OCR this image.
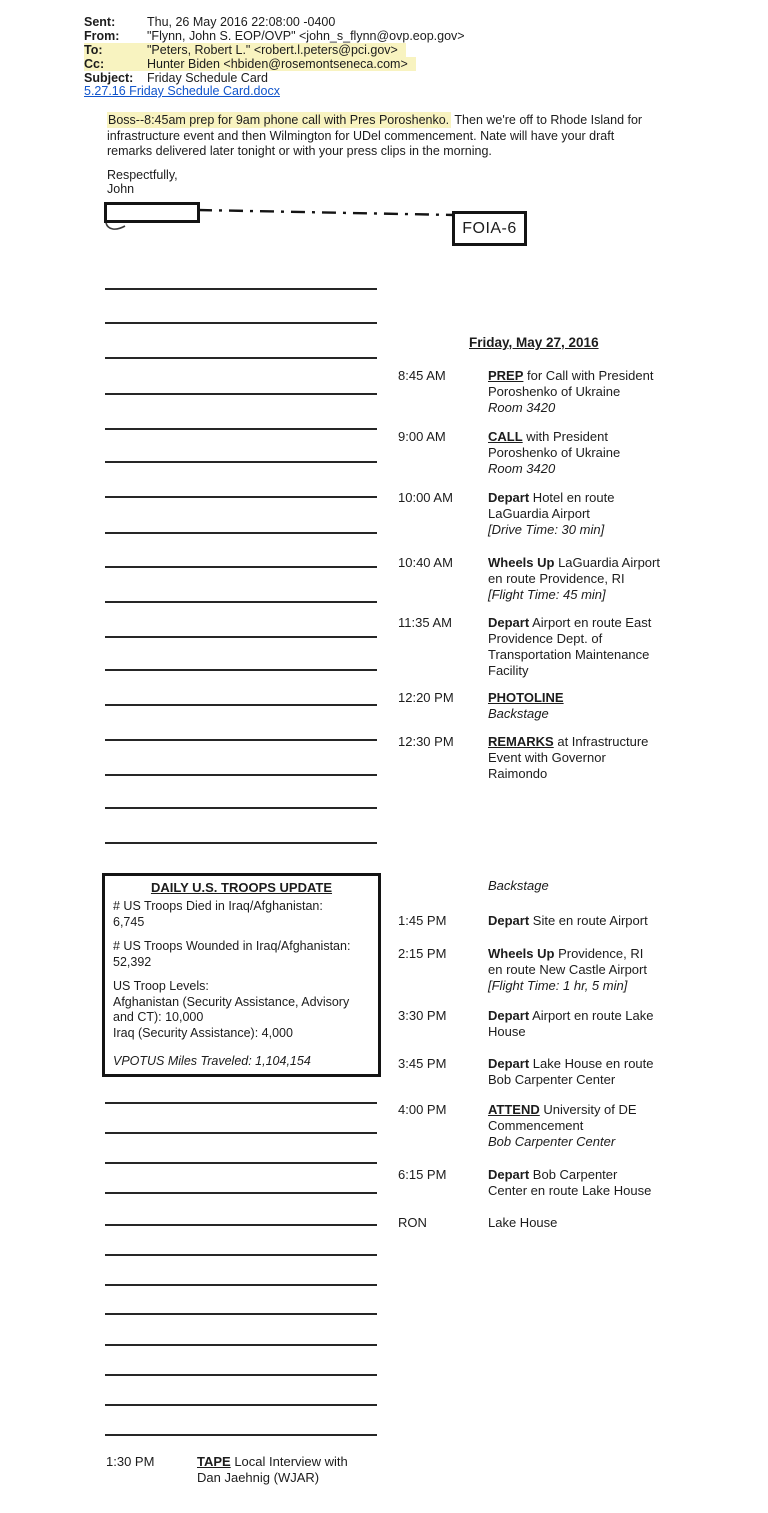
Sent:	Thu, 26 May 2016 22:08:00 -0400
From:	"Flynn, John S. EOP/OVP" <john_s_flynn@ovp.eop.gov>
To:	"Peters, Robert L." <robert.l.peters@pci.gov>
Cc:	Hunter Biden <hbiden@rosemontseneca.com>
Subject:	Friday Schedule Card
5.27.16 Friday Schedule Card.docx
Boss--8:45am prep for 9am phone call with Pres Poroshenko. Then we're off to Rhode Island for
infrastructure event and then Wilmington for UDel commencement. Nate will have your draft
remarks delivered later tonight or with your press clips in the morning.
Respectfully,
John
FOIA-6
Friday, May 27, 2016
8:45 AM	PREP for Call with President
Poroshenko of Ukraine
Room 3420
9:00 AM	CALL with President
Poroshenko of Ukraine
Room 3420
10:00 AM	Depart Hotel en route
LaGuardia Airport
[Drive Time: 30 min]
10:40 AM	Wheels Up LaGuardia Airport
en route Providence, RI
[Flight Time: 45 min]
11:35 AM	Depart Airport en route East
Providence Dept. of
Transportation Maintenance
Facility
12:20 PM	PHOTOLINE
Backstage
12:30 PM	REMARKS at Infrastructure
Event with Governor
Raimondo
Backstage
1:45 PM	Depart Site en route Airport
2:15 PM	Wheels Up Providence, RI
en route New Castle Airport
[Flight Time: 1 hr, 5 min]
3:30 PM	Depart Airport en route Lake
House
3:45 PM	Depart Lake House en route
Bob Carpenter Center
4:00 PM	ATTEND University of DE
Commencement
Bob Carpenter Center
6:15 PM	Depart Bob Carpenter
Center en route Lake House
RON	Lake House
DAILY U.S. TROOPS UPDATE
# US Troops Died in Iraq/Afghanistan:
6,745
# US Troops Wounded in Iraq/Afghanistan:
52,392
US Troop Levels:
Afghanistan (Security Assistance, Advisory
and CT): 10,000
Iraq (Security Assistance): 4,000
VPOTUS Miles Traveled: 1,104,154
1:30 PM	TAPE Local Interview with
Dan Jaehnig (WJAR)
